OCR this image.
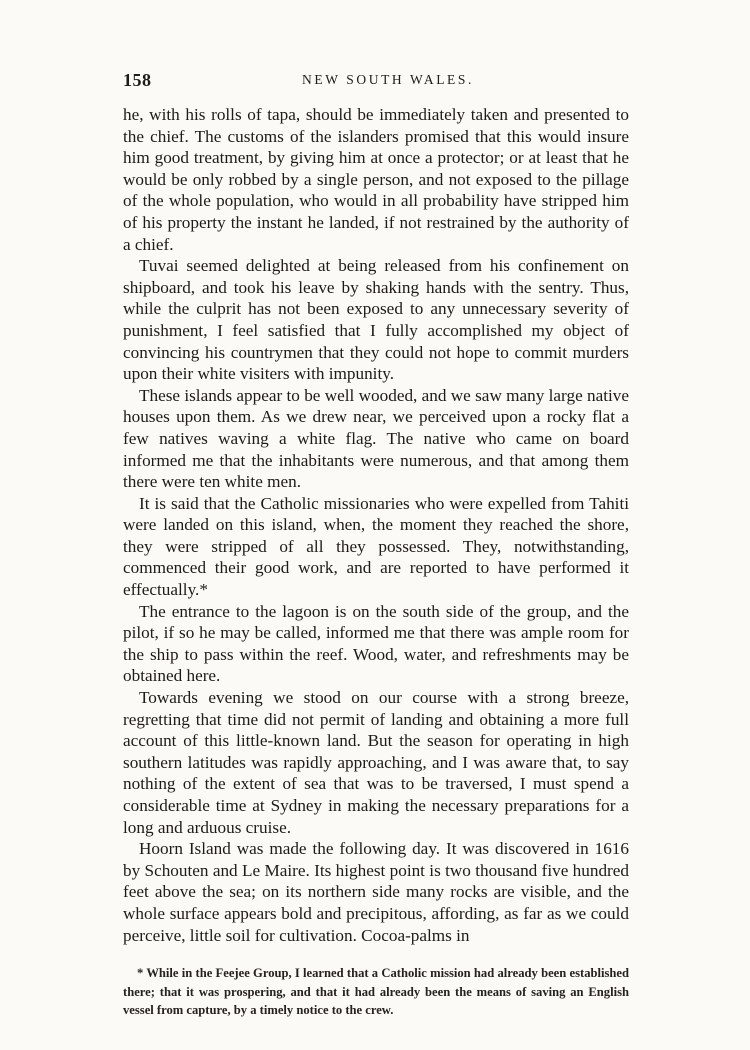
158	NEW SOUTH WALES.

he, with his rolls of tapa, should be immediately taken and presented to the chief. The customs of the islanders promised that this would insure him good treatment, by giving him at once a protector; or at least that he would be only robbed by a single person, and not exposed to the pillage of the whole population, who would in all probability have stripped him of his property the instant he landed, if not restrained by the authority of a chief.

Tuvai seemed delighted at being released from his confinement on shipboard, and took his leave by shaking hands with the sentry. Thus, while the culprit has not been exposed to any unnecessary severity of punishment, I feel satisfied that I fully accomplished my object of convincing his countrymen that they could not hope to commit murders upon their white visiters with impunity.

These islands appear to be well wooded, and we saw many large native houses upon them. As we drew near, we perceived upon a rocky flat a few natives waving a white flag. The native who came on board informed me that the inhabitants were numerous, and that among them there were ten white men.

It is said that the Catholic missionaries who were expelled from Tahiti were landed on this island, when, the moment they reached the shore, they were stripped of all they possessed. They, notwithstanding, commenced their good work, and are reported to have performed it effectually.*

The entrance to the lagoon is on the south side of the group, and the pilot, if so he may be called, informed me that there was ample room for the ship to pass within the reef. Wood, water, and refreshments may be obtained here.

Towards evening we stood on our course with a strong breeze, regretting that time did not permit of landing and obtaining a more full account of this little-known land. But the season for operating in high southern latitudes was rapidly approaching, and I was aware that, to say nothing of the extent of sea that was to be traversed, I must spend a considerable time at Sydney in making the necessary preparations for a long and arduous cruise.

Hoorn Island was made the following day. It was discovered in 1616 by Schouten and Le Maire. Its highest point is two thousand five hundred feet above the sea; on its northern side many rocks are visible, and the whole surface appears bold and precipitous, affording, as far as we could perceive, little soil for cultivation. Cocoa-palms in

* While in the Feejee Group, I learned that a Catholic mission had already been established there; that it was prospering, and that it had already been the means of saving an English vessel from capture, by a timely notice to the crew.
